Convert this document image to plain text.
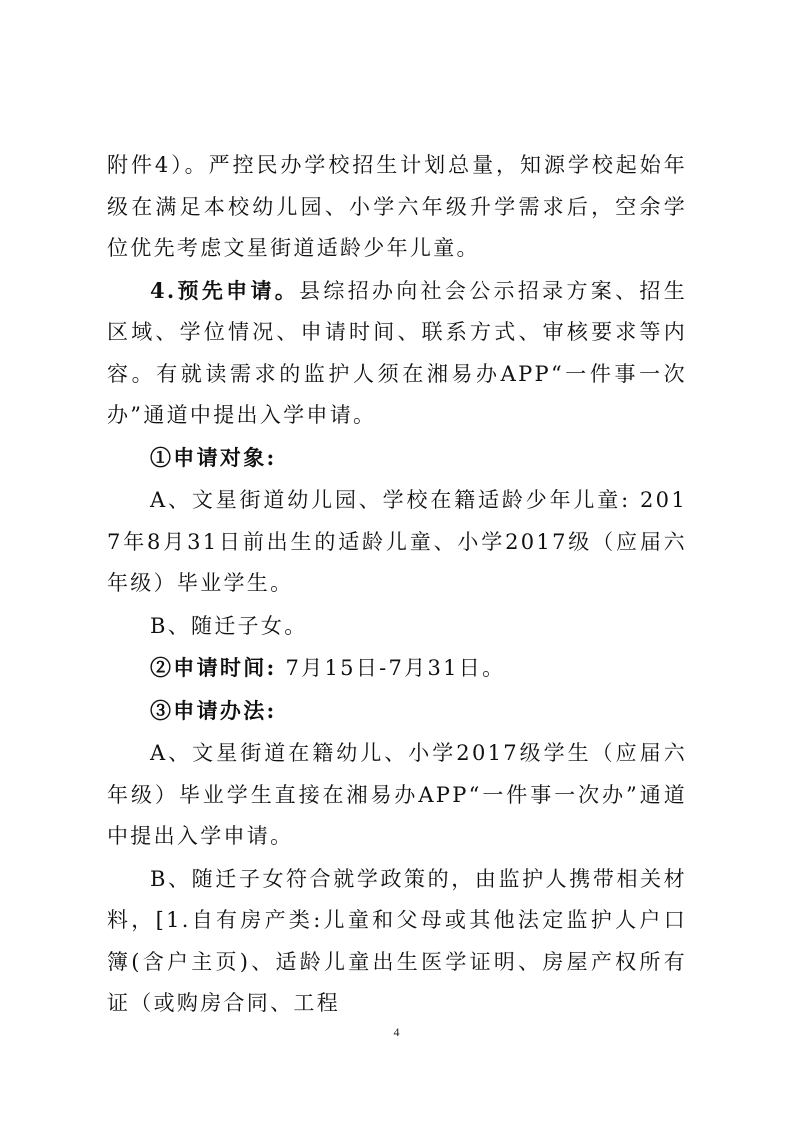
附件4）。严控民办学校招生计划总量，知源学校起始年级在满足本校幼儿园、小学六年级升学需求后，空余学位优先考虑文星街道适龄少年儿童。

4.预先申请。县综招办向社会公示招录方案、招生区域、学位情况、申请时间、联系方式、审核要求等内容。有就读需求的监护人须在湘易办APP“一件事一次办”通道中提出入学申请。

①申请对象:

A、文星街道幼儿园、学校在籍适龄少年儿童: 2017年8月31日前出生的适龄儿童、小学2017级（应届六年级）毕业学生。

B、随迁子女。

②申请时间: 7月15日-7月31日。

③申请办法:

A、文星街道在籍幼儿、小学2017级学生（应届六年级）毕业学生直接在湘易办APP“一件事一次办”通道中提出入学申请。

B、随迁子女符合就学政策的，由监护人携带相关材料，[1.自有房产类:儿童和父母或其他法定监护人户口簿(含户主页)、适龄儿童出生医学证明、房屋产权所有证（或购房合同、工程

4
